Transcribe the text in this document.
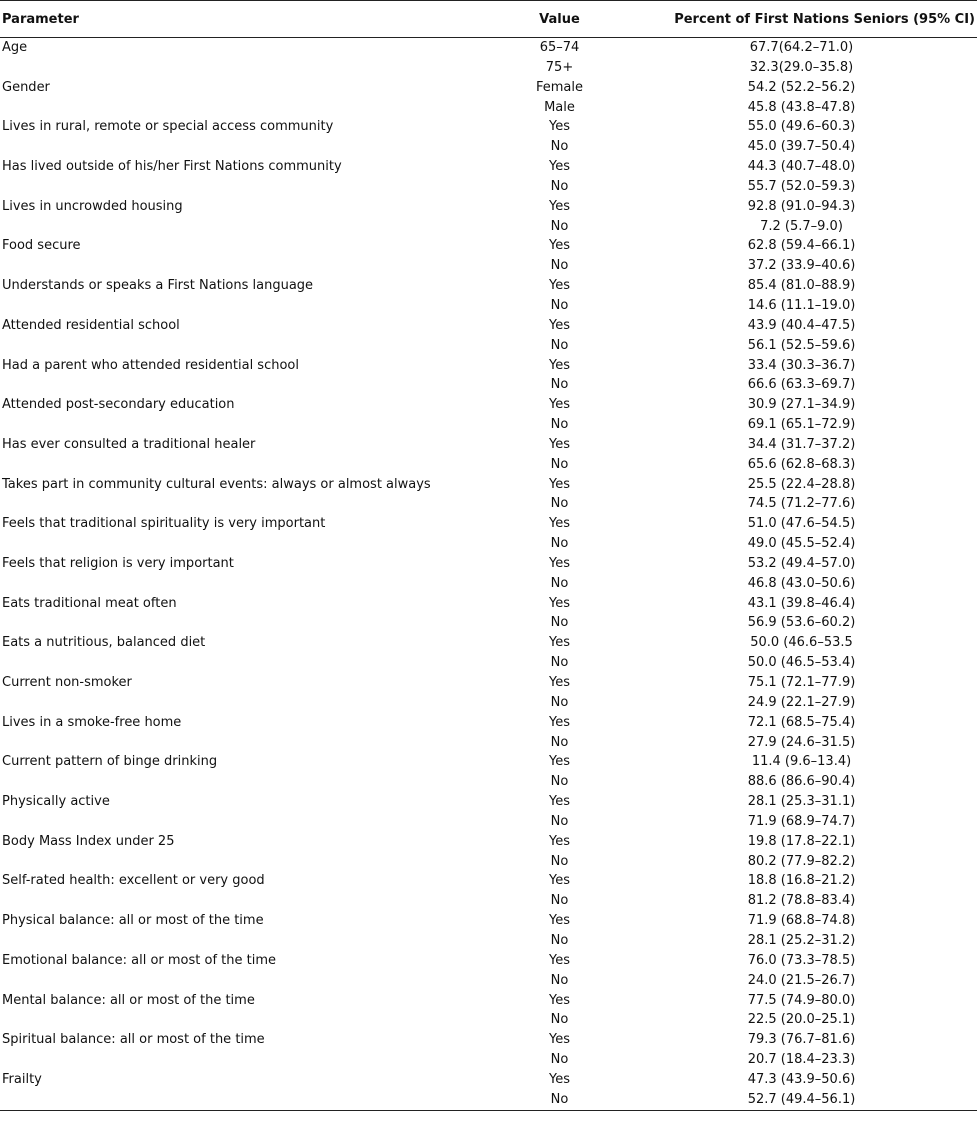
Parameter	Value	Percent of First Nations Seniors (95% CI)
Age	65–74	67.7(64.2–71.0)
	75+	32.3(29.0–35.8)
Gender	Female	54.2 (52.2–56.2)
	Male	45.8 (43.8–47.8)
Lives in rural, remote or special access community	Yes	55.0 (49.6–60.3)
	No	45.0 (39.7–50.4)
Has lived outside of his/her First Nations community	Yes	44.3 (40.7–48.0)
	No	55.7 (52.0–59.3)
Lives in uncrowded housing	Yes	92.8 (91.0–94.3)
	No	7.2 (5.7–9.0)
Food secure	Yes	62.8 (59.4–66.1)
	No	37.2 (33.9–40.6)
Understands or speaks a First Nations language	Yes	85.4 (81.0–88.9)
	No	14.6 (11.1–19.0)
Attended residential school	Yes	43.9 (40.4–47.5)
	No	56.1 (52.5–59.6)
Had a parent who attended residential school	Yes	33.4 (30.3–36.7)
	No	66.6 (63.3–69.7)
Attended post-secondary education	Yes	30.9 (27.1–34.9)
	No	69.1 (65.1–72.9)
Has ever consulted a traditional healer	Yes	34.4 (31.7–37.2)
	No	65.6 (62.8–68.3)
Takes part in community cultural events: always or almost always	Yes	25.5 (22.4–28.8)
	No	74.5 (71.2–77.6)
Feels that traditional spirituality is very important	Yes	51.0 (47.6–54.5)
	No	49.0 (45.5–52.4)
Feels that religion is very important	Yes	53.2 (49.4–57.0)
	No	46.8 (43.0–50.6)
Eats traditional meat often	Yes	43.1 (39.8–46.4)
	No	56.9 (53.6–60.2)
Eats a nutritious, balanced diet	Yes	50.0 (46.6–53.5
	No	50.0 (46.5–53.4)
Current non-smoker	Yes	75.1 (72.1–77.9)
	No	24.9 (22.1–27.9)
Lives in a smoke-free home	Yes	72.1 (68.5–75.4)
	No	27.9 (24.6–31.5)
Current pattern of binge drinking	Yes	11.4 (9.6–13.4)
	No	88.6 (86.6–90.4)
Physically active	Yes	28.1 (25.3–31.1)
	No	71.9 (68.9–74.7)
Body Mass Index under 25	Yes	19.8 (17.8–22.1)
	No	80.2 (77.9–82.2)
Self-rated health: excellent or very good	Yes	18.8 (16.8–21.2)
	No	81.2 (78.8–83.4)
Physical balance: all or most of the time	Yes	71.9 (68.8–74.8)
	No	28.1 (25.2–31.2)
Emotional balance: all or most of the time	Yes	76.0 (73.3–78.5)
	No	24.0 (21.5–26.7)
Mental balance: all or most of the time	Yes	77.5 (74.9–80.0)
	No	22.5 (20.0–25.1)
Spiritual balance: all or most of the time	Yes	79.3 (76.7–81.6)
	No	20.7 (18.4–23.3)
Frailty	Yes	47.3 (43.9–50.6)
	No	52.7 (49.4–56.1)
